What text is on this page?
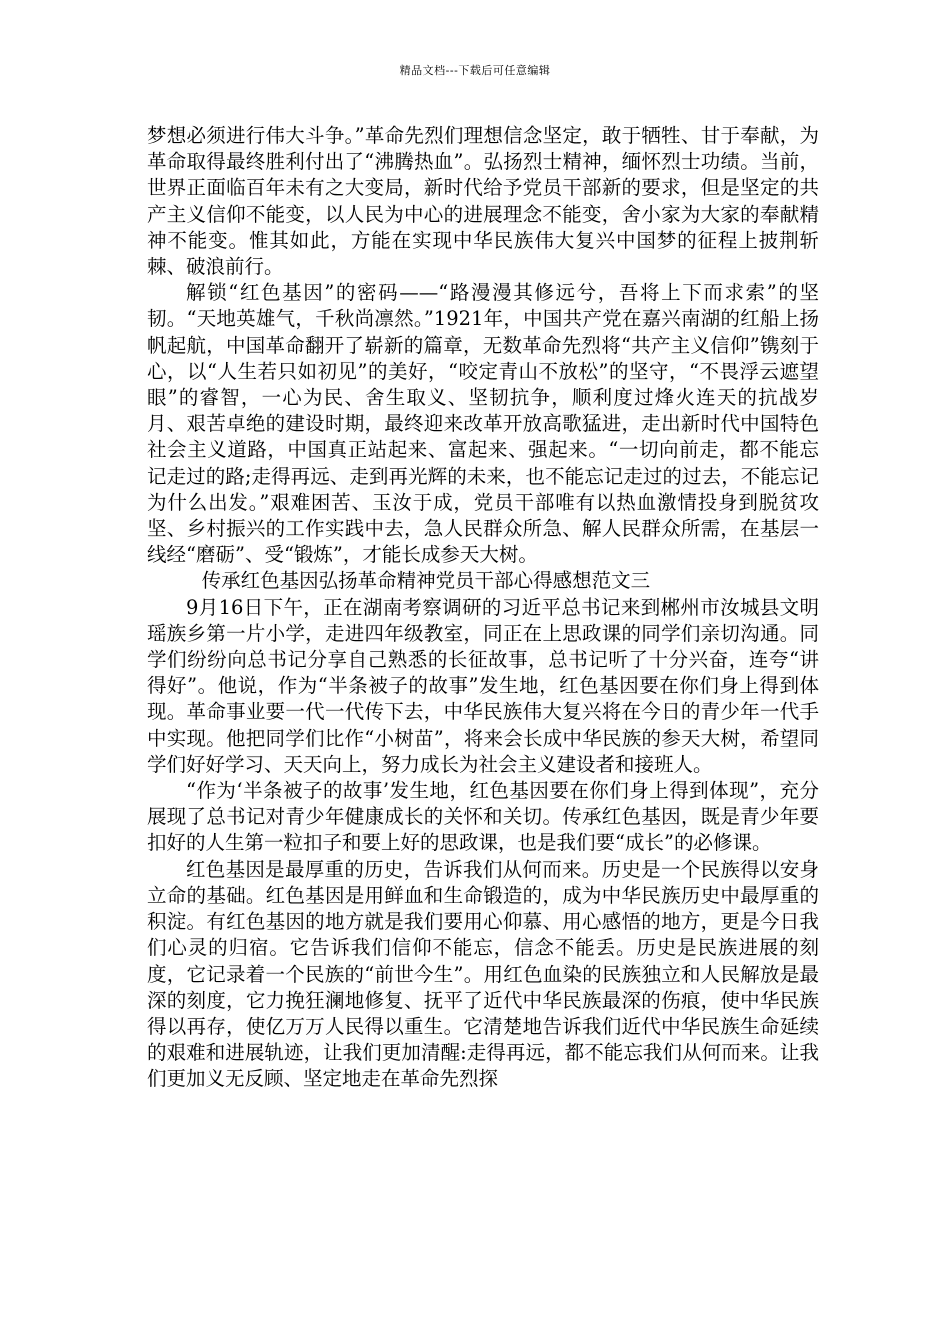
精品文档---下载后可任意编辑

梦想必须进行伟大斗争。”革命先烈们理想信念坚定，敢于牺牲、甘于奉献，为革命取得最终胜利付出了“沸腾热血”。弘扬烈士精神，缅怀烈士功绩。当前，世界正面临百年未有之大变局，新时代给予党员干部新的要求，但是坚定的共产主义信仰不能变，以人民为中心的进展理念不能变，舍小家为大家的奉献精神不能变。惟其如此，方能在实现中华民族伟大复兴中国梦的征程上披荆斩棘、破浪前行。

解锁“红色基因”的密码——“路漫漫其修远兮，吾将上下而求索”的坚韧。“天地英雄气，千秋尚凛然。”1921年，中国共产党在嘉兴南湖的红船上扬帆起航，中国革命翻开了崭新的篇章，无数革命先烈将“共产主义信仰”镌刻于心，以“人生若只如初见”的美好，“咬定青山不放松”的坚守，“不畏浮云遮望眼”的睿智，一心为民、舍生取义、坚韧抗争，顺利度过烽火连天的抗战岁月、艰苦卓绝的建设时期，最终迎来改革开放高歌猛进，走出新时代中国特色社会主义道路，中国真正站起来、富起来、强起来。“一切向前走，都不能忘记走过的路;走得再远、走到再光辉的未来，也不能忘记走过的过去，不能忘记为什么出发。”艰难困苦、玉汝于成，党员干部唯有以热血激情投身到脱贫攻坚、乡村振兴的工作实践中去，急人民群众所急、解人民群众所需，在基层一线经“磨砺”、受“锻炼”，才能长成参天大树。

传承红色基因弘扬革命精神党员干部心得感想范文三

9月16日下午，正在湖南考察调研的习近平总书记来到郴州市汝城县文明瑶族乡第一片小学，走进四年级教室，同正在上思政课的同学们亲切沟通。同学们纷纷向总书记分享自己熟悉的长征故事，总书记听了十分兴奋，连夸“讲得好”。他说，作为“半条被子的故事”发生地，红色基因要在你们身上得到体现。革命事业要一代一代传下去，中华民族伟大复兴将在今日的青少年一代手中实现。他把同学们比作“小树苗”，将来会长成中华民族的参天大树，希望同学们好好学习、天天向上，努力成长为社会主义建设者和接班人。

“作为‘半条被子的故事’发生地，红色基因要在你们身上得到体现”，充分展现了总书记对青少年健康成长的关怀和关切。传承红色基因，既是青少年要扣好的人生第一粒扣子和要上好的思政课，也是我们要“成长”的必修课。

红色基因是最厚重的历史，告诉我们从何而来。历史是一个民族得以安身立命的基础。红色基因是用鲜血和生命锻造的，成为中华民族历史中最厚重的积淀。有红色基因的地方就是我们要用心仰慕、用心感悟的地方，更是今日我们心灵的归宿。它告诉我们信仰不能忘，信念不能丢。历史是民族进展的刻度，它记录着一个民族的“前世今生”。用红色血染的民族独立和人民解放是最深的刻度，它力挽狂澜地修复、抚平了近代中华民族最深的伤痕，使中华民族得以再存，使亿万万人民得以重生。它清楚地告诉我们近代中华民族生命延续的艰难和进展轨迹，让我们更加清醒:走得再远，都不能忘我们从何而来。让我们更加义无反顾、坚定地走在革命先烈探
